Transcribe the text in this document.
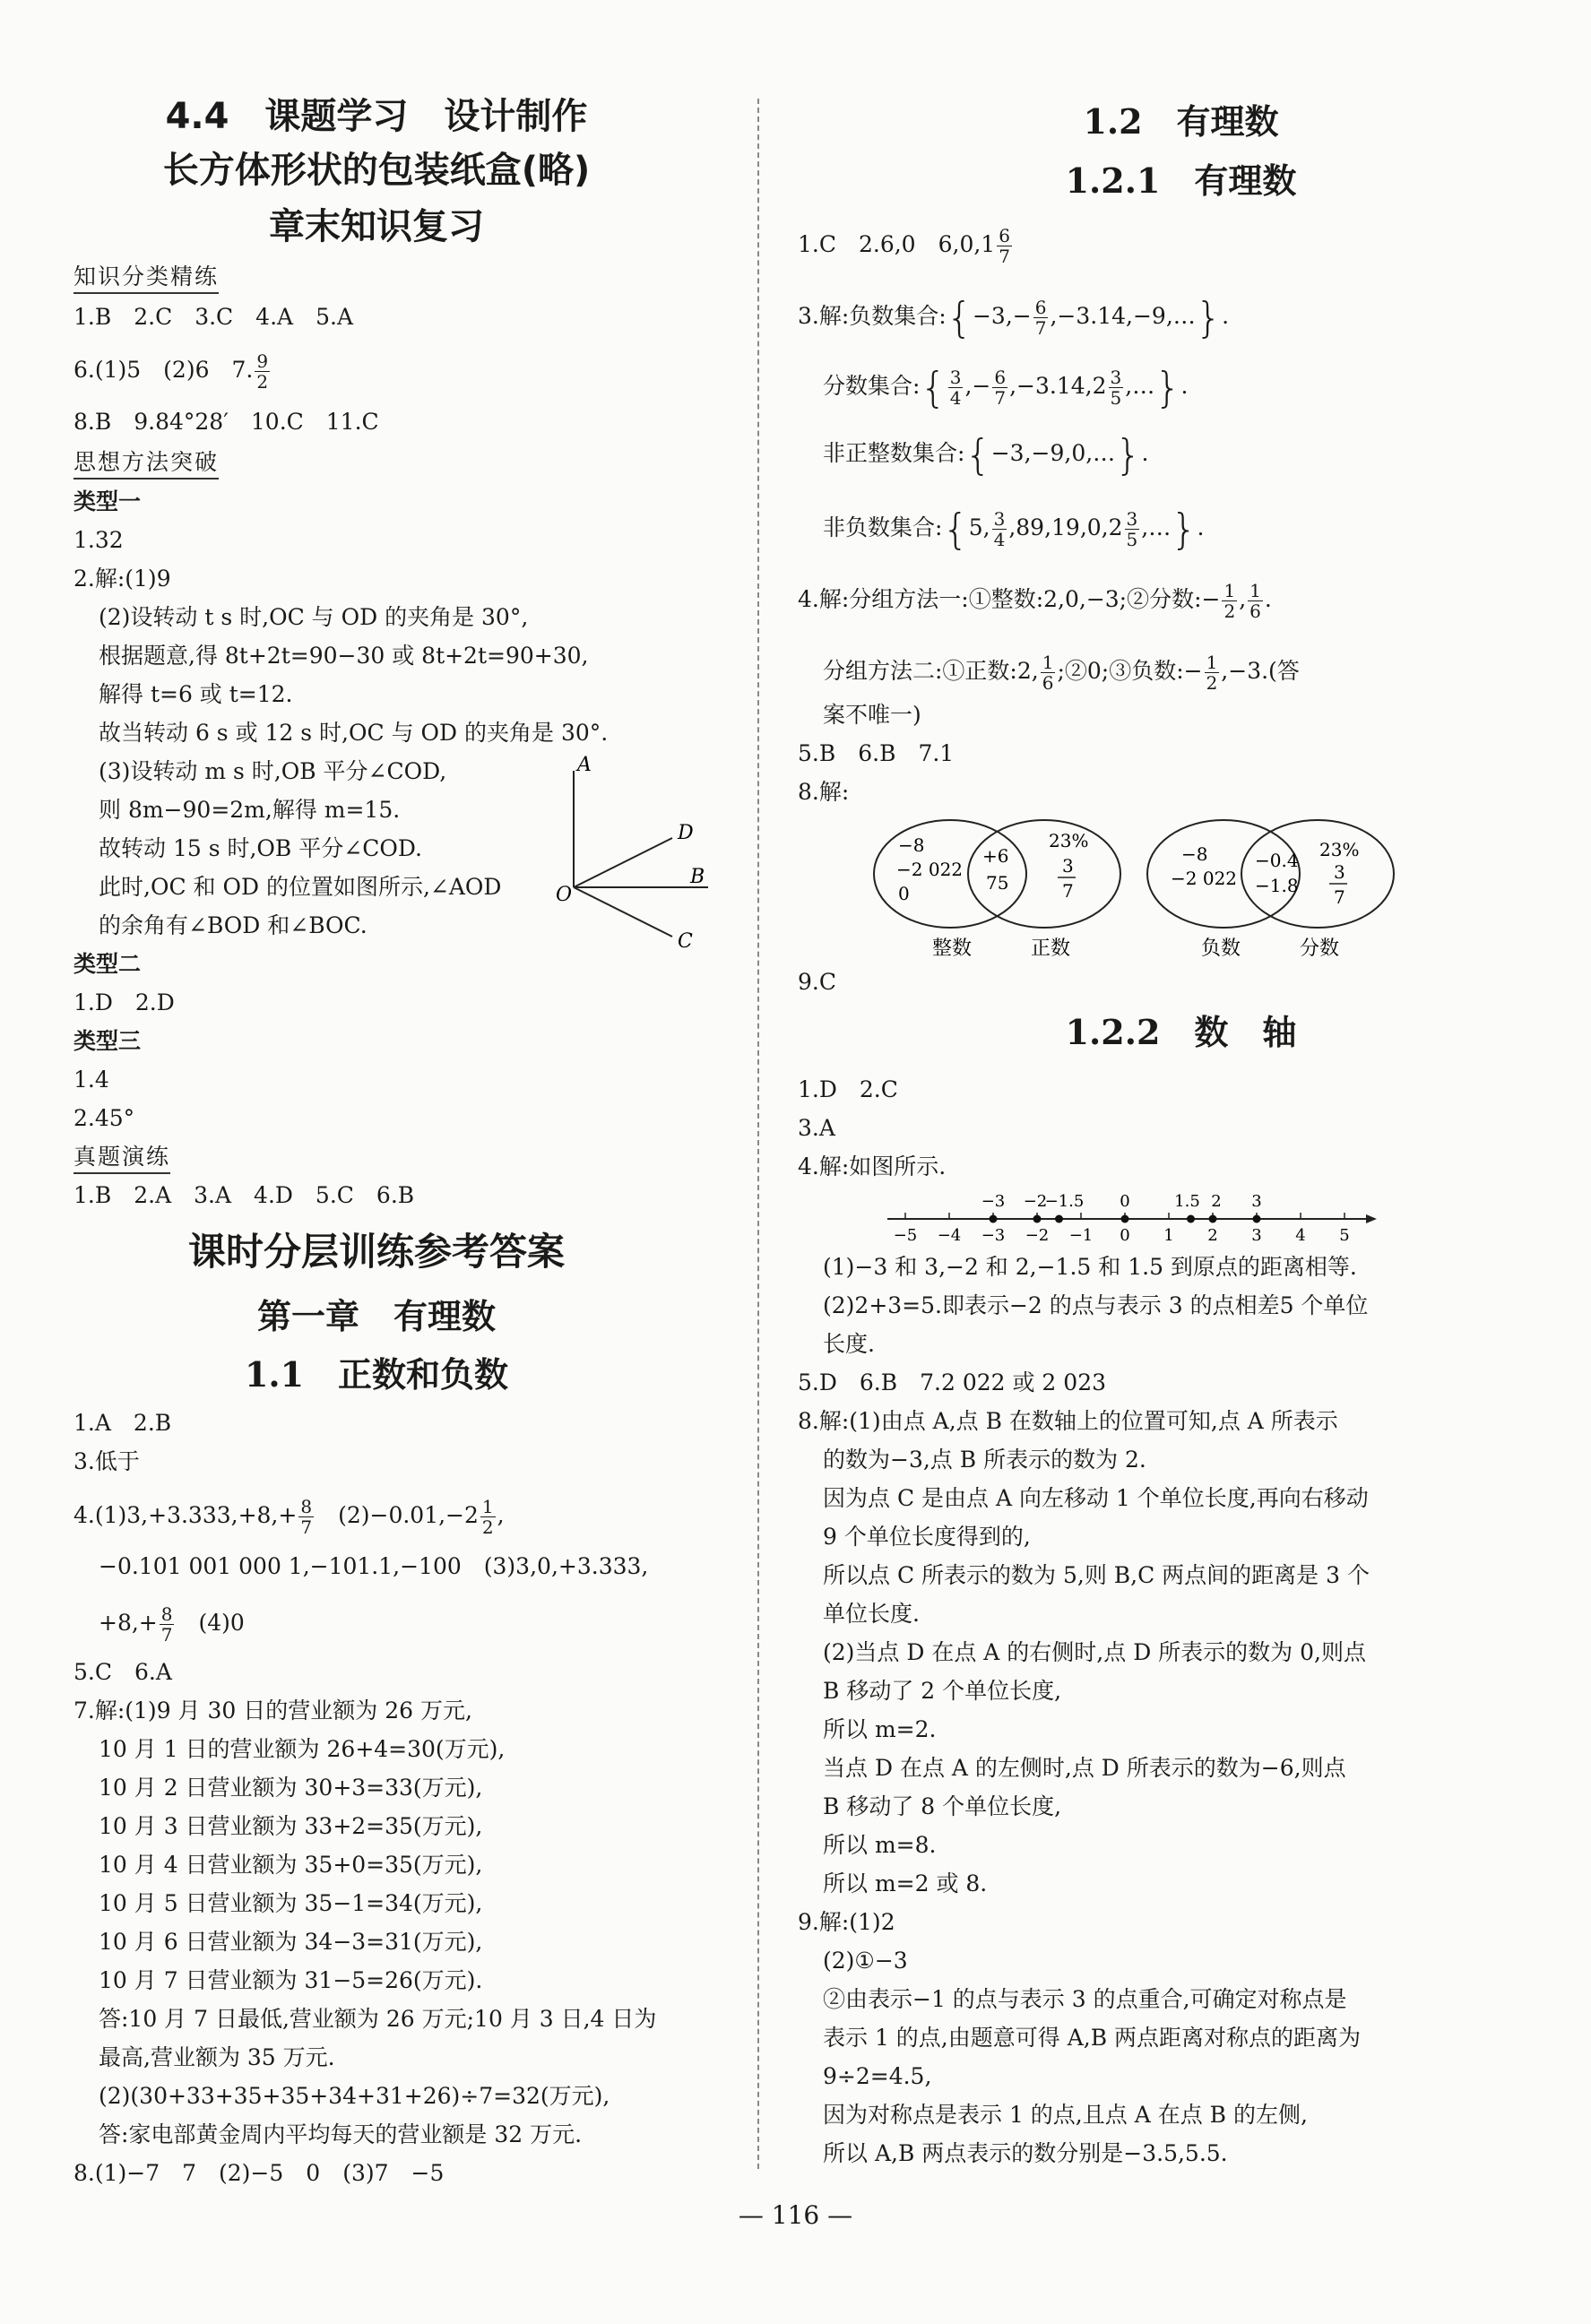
4.4　课题学习　设计制作
长方体形状的包装纸盒(略)
章末知识复习
知识分类精练
1.B　2.C　3.C　4.A　5.A
6.(1)5　(2)6　7. $\frac{9}{2}$
8.B　9.84°28′　10.C　11.C
思想方法突破
类型一
1.32
2.解:(1)9
(2)设转动 t s 时,OC 与 OD 的夹角是 30°,
根据题意,得 8t+2t=90−30 或 8t+2t=90+30,
解得 t=6 或 t=12.
故当转动 6 s 或 12 s 时,OC 与 OD 的夹角是 30°.
(3)设转动 m s 时,OB 平分∠COD,
则 8m−90=2m,解得 m=15.
故转动 15 s 时,OB 平分∠COD.
此时,OC 和 OD 的位置如图所示,∠AOD
的余角有∠BOD 和∠BOC.
A
D
B
C
O
类型二
1.D　2.D
类型三
1.4
2.45°
真题演练
1.B　2.A　3.A　4.D　5.C　6.B
课时分层训练参考答案
第一章　有理数
1.1　正数和负数
1.A　2.B
3.低于
$4.(1)3,+3.333,+8,+ \frac{8}{7}$ 　$(2)-0.01,-2 \frac{1}{2}$ ,
−0.101 001 000 1,−101.1,−100　(3)3,0,+3.333,
$+8,+ \frac{8}{7}$ 　(4)0
5.C　6.A
7.解:(1)9 月 30 日的营业额为 26 万元,
10 月 1 日的营业额为 26+4=30(万元),
10 月 2 日营业额为 30+3=33(万元),
10 月 3 日营业额为 33+2=35(万元),
10 月 4 日营业额为 35+0=35(万元),
10 月 5 日营业额为 35−1=34(万元),
10 月 6 日营业额为 34−3=31(万元),
10 月 7 日营业额为 31−5=26(万元).
答:10 月 7 日最低,营业额为 26 万元;10 月 3 日,4 日为
最高,营业额为 35 万元.
(2)(30+33+35+35+34+31+26)÷7=32(万元),
答:家电部黄金周内平均每天的营业额是 32 万元.
8.(1)−7　7　(2)−5　0　(3)7　−5
1.2　有理数
1.2.1　有理数
1.C　2.6,0　$6,0,1 \frac{6}{7}$
3.解:负数集合:{−3,− $\frac{6}{7}$ ,−3.14,−9,…}.
分数集合:{ $\frac{3}{4}$ ,− $\frac{6}{7} ,-3.14,2 \frac{3}{5}$ ,…}.
非正整数集合:{−3,−9,0,…}.
非负数集合:{5, $\frac{3}{4} ,89,19,0,2 \frac{3}{5}$ ,…}.
4.解:分组方法一:①整数:2,0,−3;②分数:− $\frac{1}{2}$ , $\frac{1}{6}$ .
分组方法二:①正数:2, $\frac{1}{6}$ ;②0;③负数:− $\frac{1}{2} ,-3$.(答
案不唯一)
5.B　6.B　7.1
8.解:
−8
−2 022
0
+6
75
23%
3
7
整数	正数
−8
−2 022
−0.4
−1.8
23%
3
7
负数	分数
9.C
1.2.2　数　轴
1.D　2.C
3.A
4.解:如图所示.
−5 −4 −3 −2 −1 0 1 2 3 4 5
−3 −2
−1.5 0	1.5 2 3
(1)−3 和 3,−2 和 2,−1.5 和 1.5 到原点的距离相等.
(2)2+3=5.即表示−2 的点与表示 3 的点相差5 个单位
长度.
5.D　6.B　7.2 022 或 2 023
8.解:(1)由点 A,点 B 在数轴上的位置可知,点 A 所表示
的数为−3,点 B 所表示的数为 2.
因为点 C 是由点 A 向左移动 1 个单位长度,再向右移动
9 个单位长度得到的,
所以点 C 所表示的数为 5,则 B,C 两点间的距离是 3 个
单位长度.
(2)当点 D 在点 A 的右侧时,点 D 所表示的数为 0,则点
B 移动了 2 个单位长度,
所以 m=2.
当点 D 在点 A 的左侧时,点 D 所表示的数为−6,则点
B 移动了 8 个单位长度,
所以 m=8.
所以 m=2 或 8.
9.解:(1)2
(2)①−3
②由表示−1 的点与表示 3 的点重合,可确定对称点是
表示 1 的点,由题意可得 A,B 两点距离对称点的距离为
9÷2=4.5,
因为对称点是表示 1 的点,且点 A 在点 B 的左侧,
所以 A,B 两点表示的数分别是−3.5,5.5.
— 116 —
